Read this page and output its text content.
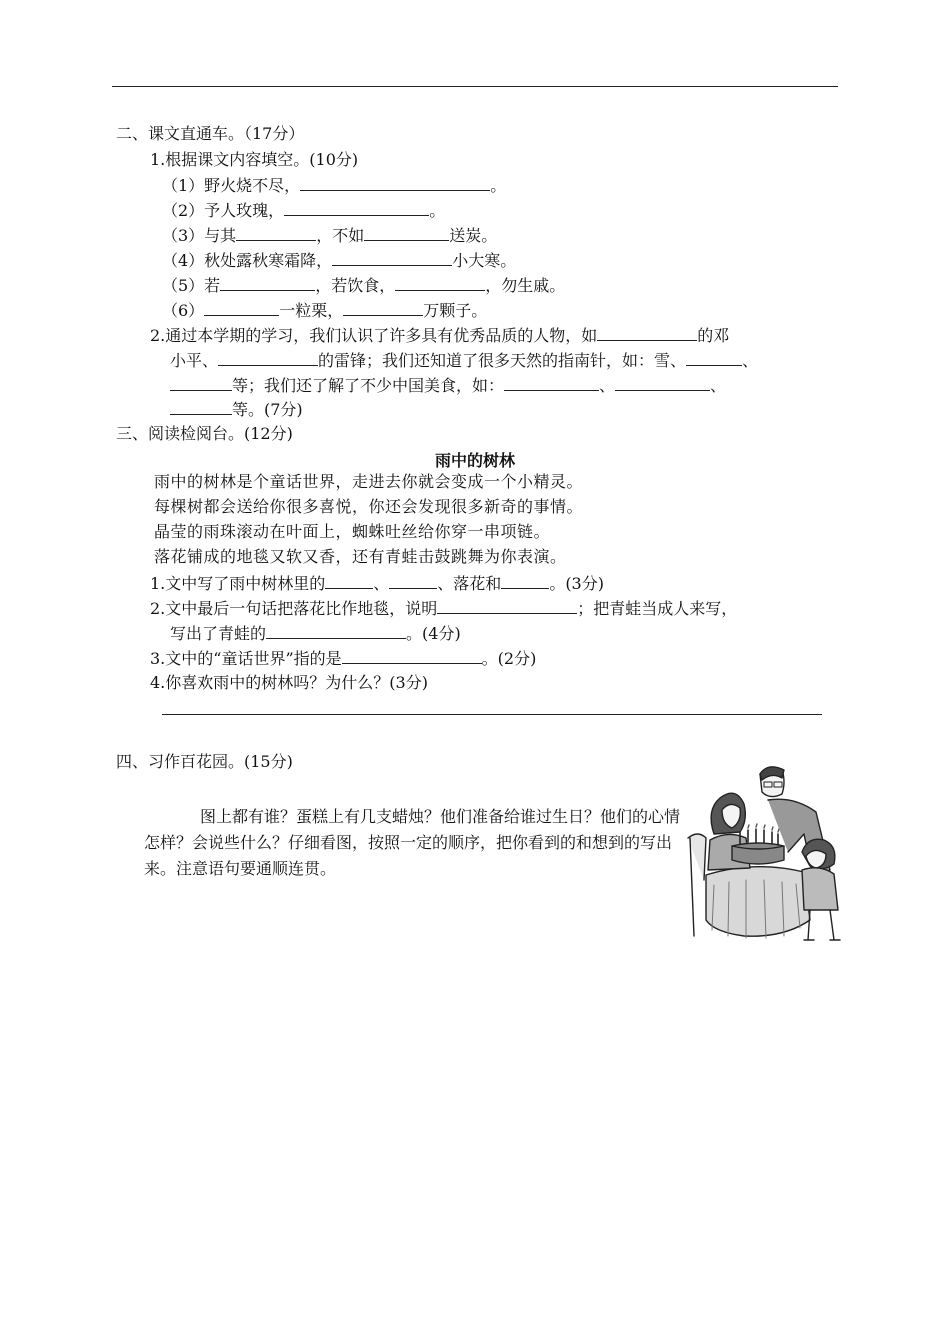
二、课文直通车。（17分）
1.根据课文内容填空。(10分)
（1）野火烧不尽，	。
（2）予人玫瑰，	。
（3）与其	，不如	送炭。
（4）秋处露秋寒霜降，	小大寒。
（5）若	，若饮食，	，勿生戚。
（6）	一粒栗，	万颗子。
2.通过本学期的学习，我们认识了许多具有优秀品质的人物，如	的邓
小平、	的雷锋；我们还知道了很多天然的指南针，如：雪、	、
等；我们还了解了不少中国美食，如：	、	、
等。(7分)
三、阅读检阅台。(12分)
雨中的树林
雨中的树林是个童话世界，走进去你就会变成一个小精灵。
每棵树都会送给你很多喜悦，你还会发现很多新奇的事情。
晶莹的雨珠滚动在叶面上，蜘蛛吐丝给你穿一串项链。
落花铺成的地毯又软又香，还有青蛙击鼓跳舞为你表演。
1.文中写了雨中树林里的	、	、落花和	。(3分)
2.文中最后一句话把落花比作地毯，说明	；把青蛙当成人来写，
写出了青蛙的	。(4分)
3.文中的“童话世界”指的是	。(2分)
4.你喜欢雨中的树林吗？为什么？(3分)
四、习作百花园。(15分)

图上都有谁？蛋糕上有几支蜡烛？他们准备给谁过生日？他们的心情怎样？会说些什么？仔细看图，按照一定的顺序，把你看到的和想到的写出来。注意语句要通顺连贯。
